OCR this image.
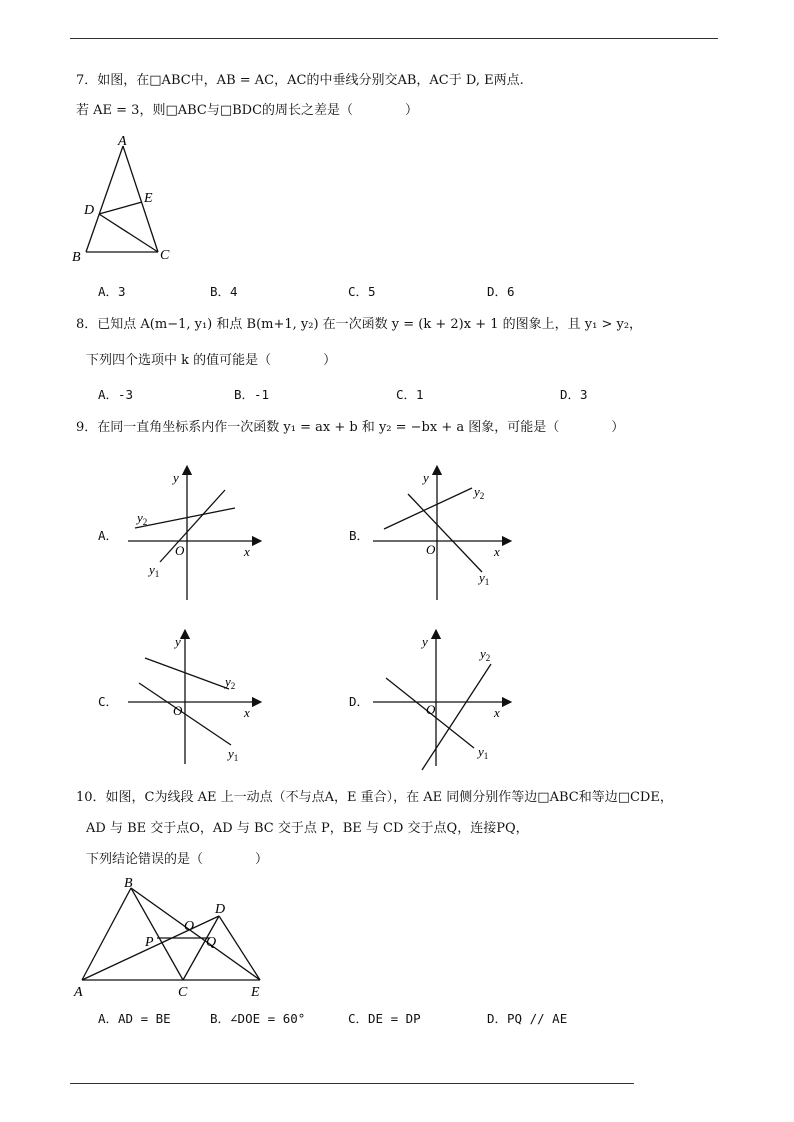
7．如图，在□ABC中，AB = AC，AC的中垂线分别交AB，AC于 D, E两点.
若 AE = 3，则□ABC与□BDC的周长之差是（　　　　）
A
E
D
B	C
A．3	B．4	C．5	D．6
8．已知点 A(m−1, y₁) 和点 B(m+1, y₂) 在一次函数 y = (k + 2)x + 1 的图象上，且 y₁ > y₂，
下列四个选项中 k 的值可能是（　　　　）
A．-3	B．-1	C．1	D．3
9．在同一直角坐标系内作一次函数 y₁ = ax + b 和 y₂ = −bx + a 图象，可能是（　　　　）
A．
y
x
O
$y_2$
$y_1$
B．
y
x
O
$y_2$
$y_1$
C．
y
x
O
$y_2$
$y_1$
D．
y
x
O
$y_2$
$y_1$
10．如图，C为线段 AE 上一动点（不与点A，E 重合），在 AE 同侧分别作等边□ABC和等边□CDE，
AD 与 BE 交于点O，AD 与 BC 交于点 P，BE 与 CD 交于点Q，连接PQ，
下列结论错误的是（　　　　）
B
D
O
P	Q
A	C	E
A．AD = BE	B．∠DOE = 60°	C．DE = DP	D．PQ // AE
